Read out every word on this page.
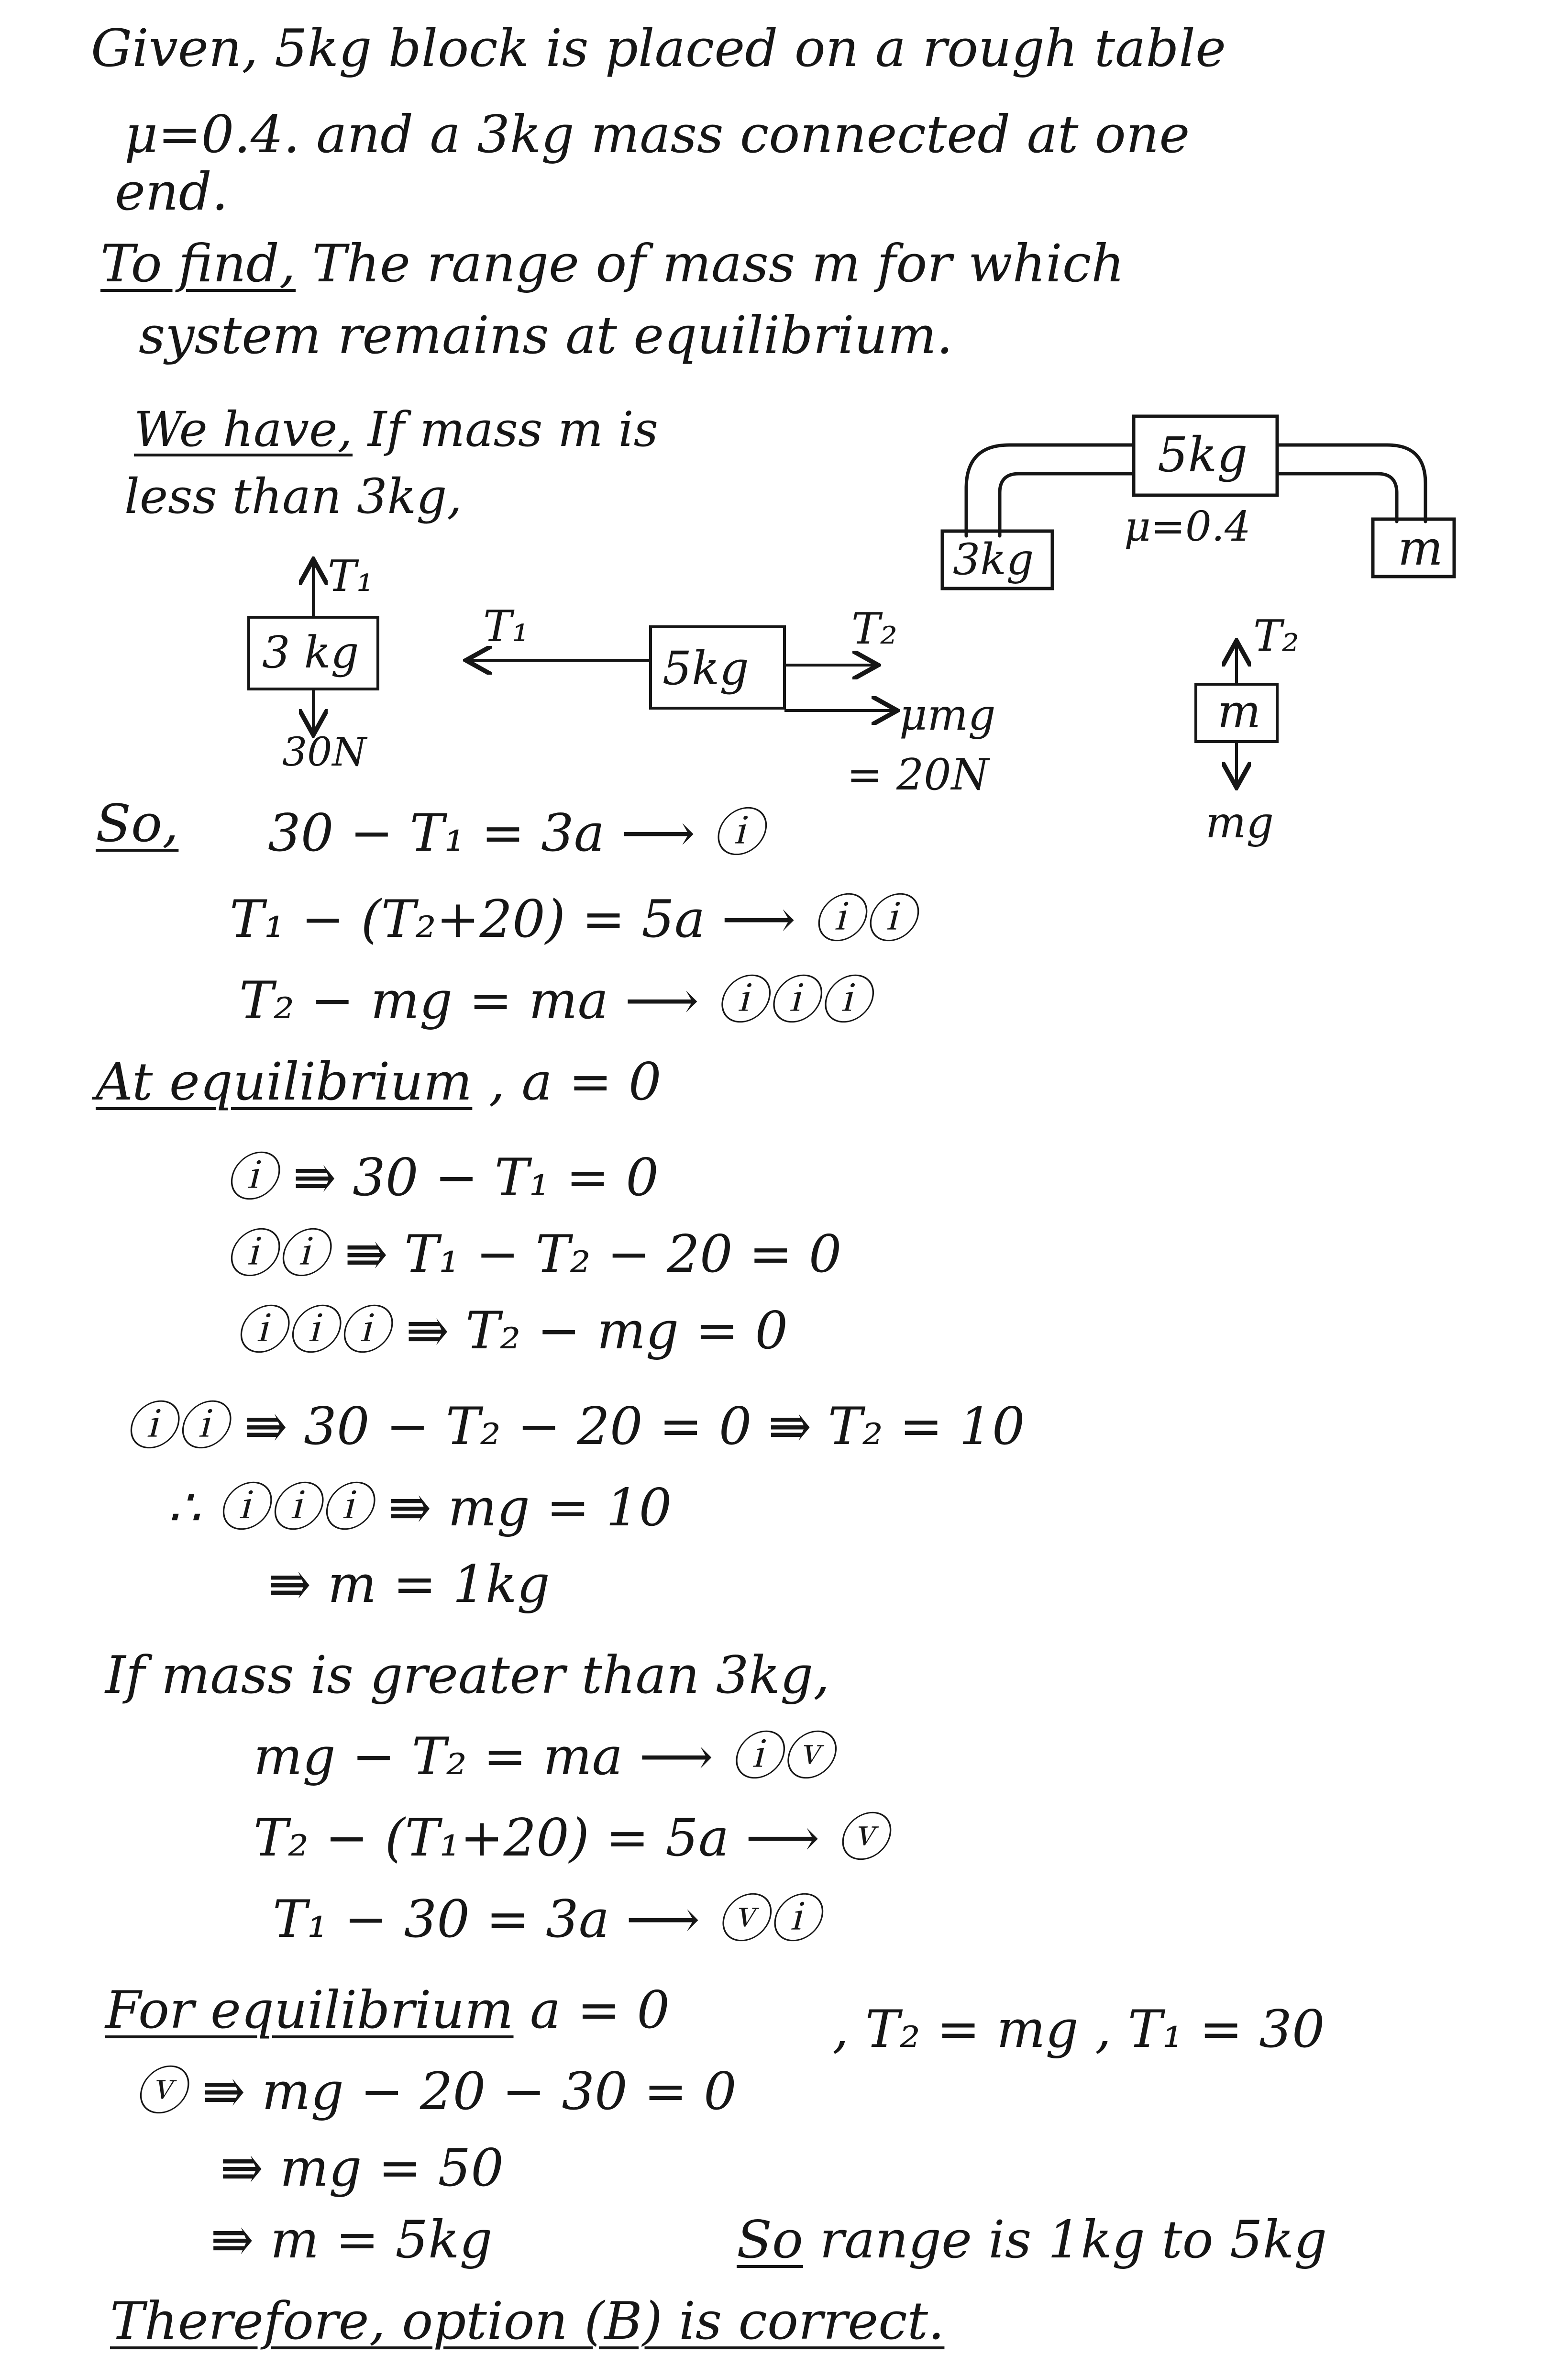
Given, 5kg block is placed on a rough table
μ=0.4. and a 3kg mass connected at one
end.
To find, The range of mass m for which
system remains at equilibrium.
We have, If mass m is
less than 3kg,
5kg
μ=0.4
3kg	m
3 kg
T₁
30N
5kg
T₁	T₂
μmg
= 20N
m
T₂
mg
So, 30 − T₁ = 3a ⟶ ⓘ
T₁ − (T₂+20) = 5a ⟶ ⓘⓘ
T₂ − mg = ma ⟶ ⓘⓘⓘ
At equilibrium , a = 0
ⓘ ⇛ 30 − T₁ = 0
ⓘⓘ ⇛ T₁ − T₂ − 20 = 0
ⓘⓘⓘ ⇛ T₂ − mg = 0
ⓘⓘ ⇛ 30 − T₂ − 20 = 0 ⇛ T₂ = 10
∴ ⓘⓘⓘ ⇛ mg = 10
⇛ m = 1kg
If mass is greater than 3kg,
mg − T₂ = ma ⟶ ⓘⓥ
T₂ − (T₁+20) = 5a ⟶ ⓥ
T₁ − 30 = 3a ⟶ ⓥⓘ
For equilibrium a = 0	, T₂ = mg , T₁ = 30
ⓥ ⇛ mg − 20 − 30 = 0
⇛ mg = 50
⇛ m = 5kg	So range is 1kg to 5kg
Therefore, option (B) is correct.
